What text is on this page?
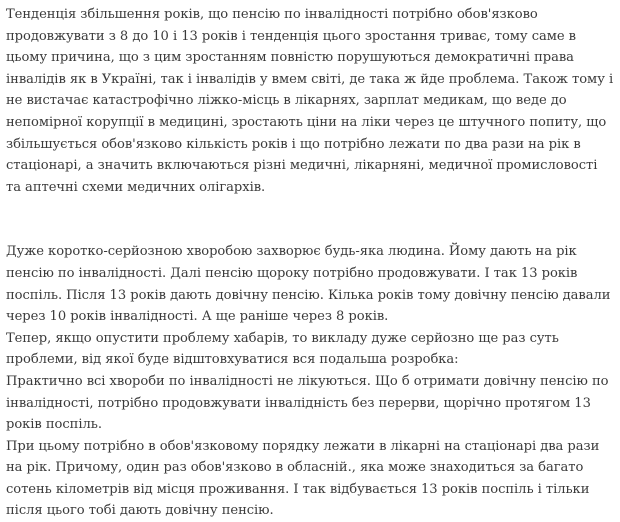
Тенденція збільшення років, що пенсію по інвалідності потрібно обов'язково продовжувати з 8 до 10 і 13 років і тенденція цього зростання триває, тому саме в цьому причина, що з цим зростанням повністю порушуються демократичні права інвалідів як в Україні, так і інвалідів у вмем світі, де така ж йде проблема. Також тому і не вистачає катастрофічно ліжко-місць в лікарнях, зарплат медикам, що веде до непомірної корупції в медицині, зростають ціни на ліки через це штучного попиту, що збільшується обов'язково кількість років і що потрібно лежати по два рази на рік в стаціонарі, а значить включаються різні медичні, лікарняні, медичної промисловості та аптечні схеми медичних олігархів.

Дуже коротко-серйозною хворобою захворює будь-яка людина. Йому дають на рік пенсію по інвалідності. Далі пенсію щороку потрібно продовжувати. І так 13 років поспіль. Після 13 років дають довічну пенсію. Кілька років тому довічну пенсію давали через 10 років інвалідності. А ще раніше через 8 років.

Тепер, якщо опустити проблему хабарів, то викладу дуже серйозно ще раз суть проблеми, від якої буде відштовхуватися вся подальша розробка:

Практично всі хвороби по інвалідності не лікуються. Що б отримати довічну пенсію по інвалідності, потрібно продовжувати інвалідність без перерви, щорічно протягом 13 років поспіль.

При цьому потрібно в обов'язковому порядку лежати в лікарні на стаціонарі два рази на рік. Причому, один раз обов'язково в обласній., яка може знаходиться за багато сотень кілометрів від місця проживання. І так відбувається 13 років поспіль і тільки після цього тобі дають довічну пенсію.
